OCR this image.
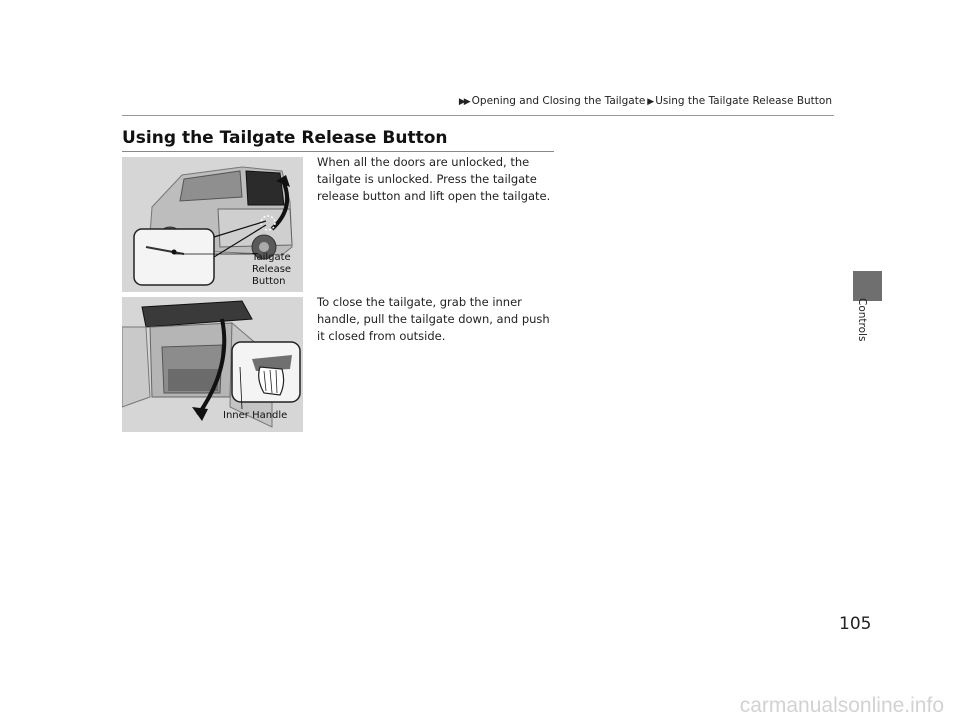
▶▶ Opening and Closing the Tailgate ▶ Using the Tailgate Release Button
Using the Tailgate Release Button
Tailgate Release Button
Inner Handle
When all the doors are unlocked, the tailgate is unlocked. Press the tailgate release button and lift open the tailgate.
To close the tailgate, grab the inner handle, pull the tailgate down, and push it closed from outside.	Controls
105
carmanualsonline.info
